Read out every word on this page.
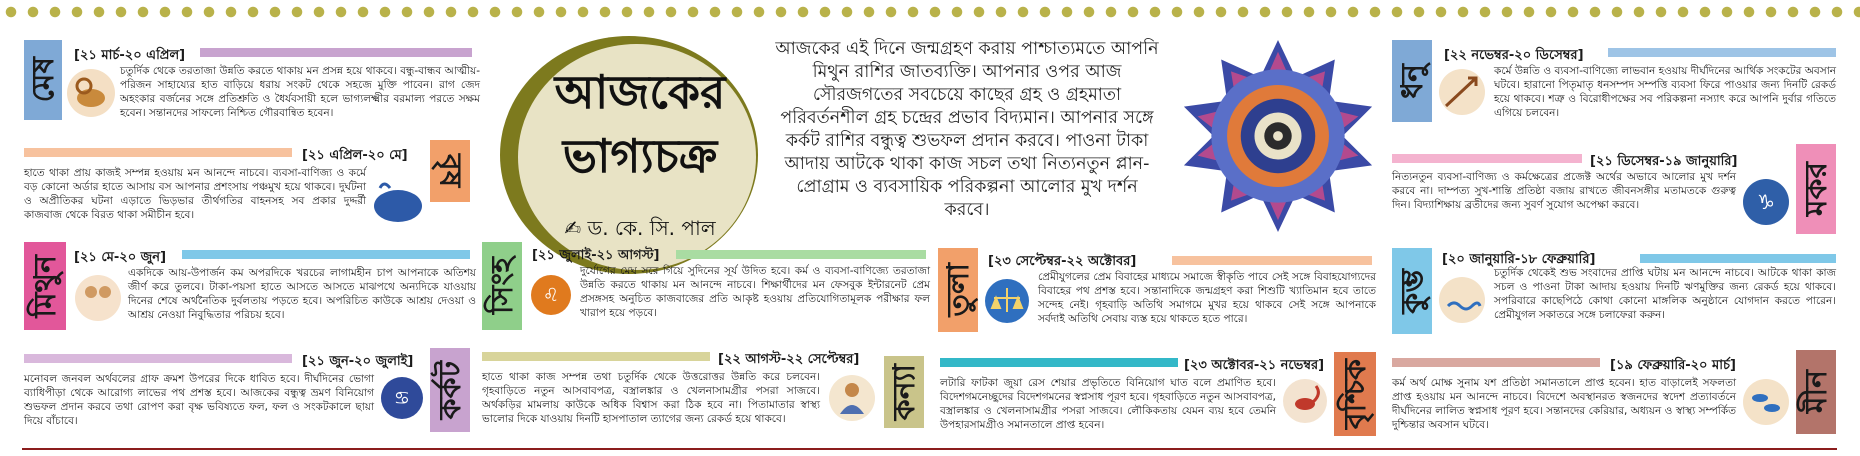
আজকের ভাগ্যচক্র
✍ ড. কে. সি. পাল

আজকের এই দিনে জন্মগ্রহণ করায় পাশ্চাত্যমতে আপনি মিথুন রাশির জাতব্যক্তি। আপনার ওপর আজ সৌরজগতের সবচেয়ে কাছের গ্রহ ও গ্রহমাতা পরিবর্তনশীল গ্রহ চন্দ্রের প্রভাব বিদ্যমান। আপনার সঙ্গে কর্কট রাশির বন্ধুত্ব শুভফল প্রদান করবে। পাওনা টাকা আদায় আটকে থাকা কাজ সচল তথা নিত্যনতুন প্লান-প্রোগ্রাম ও ব্যবসায়িক পরিকল্পনা আলোর মুখ দর্শন করবে।

মেষ
[২১ মার্চ-২০ এপ্রিল]

চতুর্দিক থেকে তরতাজা উন্নতি করতে থাকায় মন প্রসন্ন হয়ে থাকবে। বন্ধু-বান্ধব আত্মীয়-পরিজন সাহায্যের হাত বাড়িয়ে ধরায় সংকট থেকে সহজে মুক্তি পাবেন। রাগ জেদ অহংকার বর্জনের সঙ্গে প্রতিশ্রুতি ও ধৈর্যবসায়ী হলে ভাগ্যলক্ষ্মীর বরমাল্য পরতে সক্ষম হবেন। সন্তানদের সাফল্যে নিশ্চিত গৌরবান্বিত হবেন।

[২১ এপ্রিল-২০ মে] বৃষ

হাতে থাকা প্রায় কাজই সম্পন্ন হওয়ায় মন আনন্দে নাচবে। ব্যবসা-বাণিজ্য ও কর্মে বড় কোনো অর্ডার হাতে আসায় বস আপনার প্রশংসায় পঞ্চমুখ হয়ে থাকবে। দুর্ঘটনা ও অপ্রীতিকর ঘটনা এড়াতে ভিড়ভার তীর্থগতির বাহনসহ সব প্রকার দুদ্দর্রী কাজবাজ থেকে বিরত থাকা সমীচীন হবে।

মিথুন [২১ মে-২০ জুন]

একদিকে আয়-উপার্জন কম অপরদিকে খরচের লাগামহীন চাপ আপনাকে অতিশয় জীর্ণ করে তুলবে। টাকা-পয়সা হাতে আসতে আসতে মাঝপথে অন্যদিকে যাওয়ায় দিনের শেষে অর্থনৈতিক দুর্বলতায় পড়তে হবে। অপরিচিত কাউকে আশ্রয় দেওয়া ও আশ্রয় নেওয়া নিবুদ্ধিতার পরিচয় হবে।

[২১ জুন-২০ জুলাই] কর্কট
♋

মনোবল জনবল অর্থবলের গ্রাফ ক্রমশ উপরের দিকে ধাবিত হবে। দীর্ঘদিনের ভোগা ব্যাধিপীড়া থেকে আরোগ্য লাভের পথ প্রশস্ত হবে। আজকের বন্ধুত্ব ভ্রমণ বিনিয়োগ শুভফল প্রদান করবে তথা রোপণ করা বৃক্ষ ভবিষ্যতে ফল, ফল ও সংকটকালে ছায়া দিয়ে বাঁচাবে।

সিংহ
[২১ জুলাই-২১ আগস্ট]
♌

দুর্যোগের মেঘ সরে গিয়ে সুদিনের সূর্য উদিত হবে। কর্ম ও ব্যবসা-বাণিজ্যে তরতাজা উন্নতি করতে থাকায় মন আনন্দে নাচবে। শিক্ষার্থীদের মন ফেসবুক ইন্টারনেট প্রেম প্রসঙ্গসহ অনুচিত কাজবাজের প্রতি আকৃষ্ট হওয়ায় প্রতিযোগিতামূলক পরীক্ষার ফল খারাপ হয়ে পড়বে।

[২২ আগস্ট-২২ সেপ্টেম্বর]
কন্যা

হাতে থাকা কাজ সম্পন্ন তথা চতুর্দিক থেকে উত্তরোত্তর উন্নতি করে চলবেন। গৃহবাড়িতে নতুন আসবাবপত্র, বস্ত্রালঙ্কার ও খেলনাসামগ্রীর পসরা সাজবে। অর্থকড়ির মামলায় কাউকে অধিক বিশ্বাস করা ঠিক হবে না। পিতামাতার স্বাস্থ্য ভালোর দিকে যাওয়ায় দিনটি হাসপাতাল ত্যাগের জন্য রেকর্ড হয়ে থাকবে।

তুলা
[২৩ সেপ্টেম্বর-২২ অক্টোবর]

প্রেমীযুগলের প্রেম বিবাহের মাধ্যমে সমাজে স্বীকৃতি পাবে সেই সঙ্গে বিবাহযোগ্যদের বিবাহের পথ প্রশস্ত হবে। সন্তানাদিকে জন্মগ্রহণ করা শিশুটি খ্যাতিমান হবে তাতে সন্দেহ নেই। গৃহবাড়ি অতিথি সমাগমে মুখর হয়ে থাকবে সেই সঙ্গে আপনাকে সর্বদাই অতিথি সেবায় ব্যস্ত হয়ে থাকতে হতে পারে।

[২৩ অক্টোবর-২১ নভেম্বর] বৃশ্চিক

লটারি ফাটকা জুয়া রেস শেয়ার প্রভৃতিতে বিনিয়োগ ঘাত বলে প্রমাণিত হবে। বিদেশগমনেচ্ছুদের বিদেশগমনের স্বপ্নসাধ পূরণ হবে। গৃহবাড়িতে নতুন আসবাবপত্র, বস্ত্রালঙ্কার ও খেলনাসামগ্রীর পসরা সাজবে। লৌকিকতায় যেমন ব্যয় হবে তেমনি উপহারসামগ্রীও সমানতালে প্রাপ্ত হবেন।

ধনু
[২২ নভেম্বর-২০ ডিসেম্বর]

কর্মে উন্নতি ও ব্যবসা-বাণিজ্যে লাভবান হওয়ায় দীর্ঘদিনের আর্থিক সংকটের অবসান ঘটবে। হারানো পিতৃমাতৃ ধনসম্পদ সম্পত্তি ব্যবসা ফিরে পাওয়ার জন্য দিনটি রেকর্ড হয়ে থাকবে। শত্রু ও বিরোধীপক্ষের সব পরিকল্পনা নস্যাৎ করে আপনি দুর্বার গতিতে এগিয়ে চলবেন।

[২১ ডিসেম্বর-১৯ জানুয়ারি]
মকর
♑

নিত্যনতুন ব্যবসা-বাণিজ্য ও কর্মক্ষেত্রের প্রজেক্ট অর্থের অভাবে আলোর মুখ দর্শন করবে না। দাম্পত্য সুখ-শান্তি প্রতিষ্ঠা বজায় রাখতে জীবনসঙ্গীর মতামতকে গুরুত্ব দিন। বিদ্যাশিক্ষায় ব্রতীদের জন্য সুবর্ণ সুযোগ অপেক্ষা করবে।

কুম্ভ
[২০ জানুয়ারি-১৮ ফেব্রুয়ারি]

চতুর্দিক থেকেই শুভ সংবাদের প্রাপ্তি ঘটায় মন আনন্দে নাচবে। আটকে থাকা কাজ সচল ও পাওনা টাকা আদায় হওয়ায় দিনটি ঋণমুক্তির জন্য রেকর্ড হয়ে থাকবে। সপরিবারে কাছেপিঠে কোথা কোনো মাঙ্গলিক অনুষ্ঠানে যোগদান করতে পারেন। প্রেমীযুগল সকাতরে সঙ্গে চলাফেরা করুন।

[১৯ ফেব্রুয়ারি-২০ মার্চ]
মীন

কর্ম অর্থ মোক্ষ সুনাম যশ প্রতিষ্ঠা সমানতালে প্রাপ্ত হবেন। হাত বাড়ালেই সফলতা প্রাপ্ত হওয়ায় মন আনন্দে নাচবে। বিদেশে অবস্থানরত স্বজনদের স্বদেশ প্রত্যাবর্তনে দীর্ঘদিনের লালিত স্বপ্নসাধ পূরণ হবে। সন্তানদের কেরিয়ার, অধ্যয়ন ও স্বাস্থ্য সম্পর্কিত দুশ্চিন্তার অবসান ঘটবে।
